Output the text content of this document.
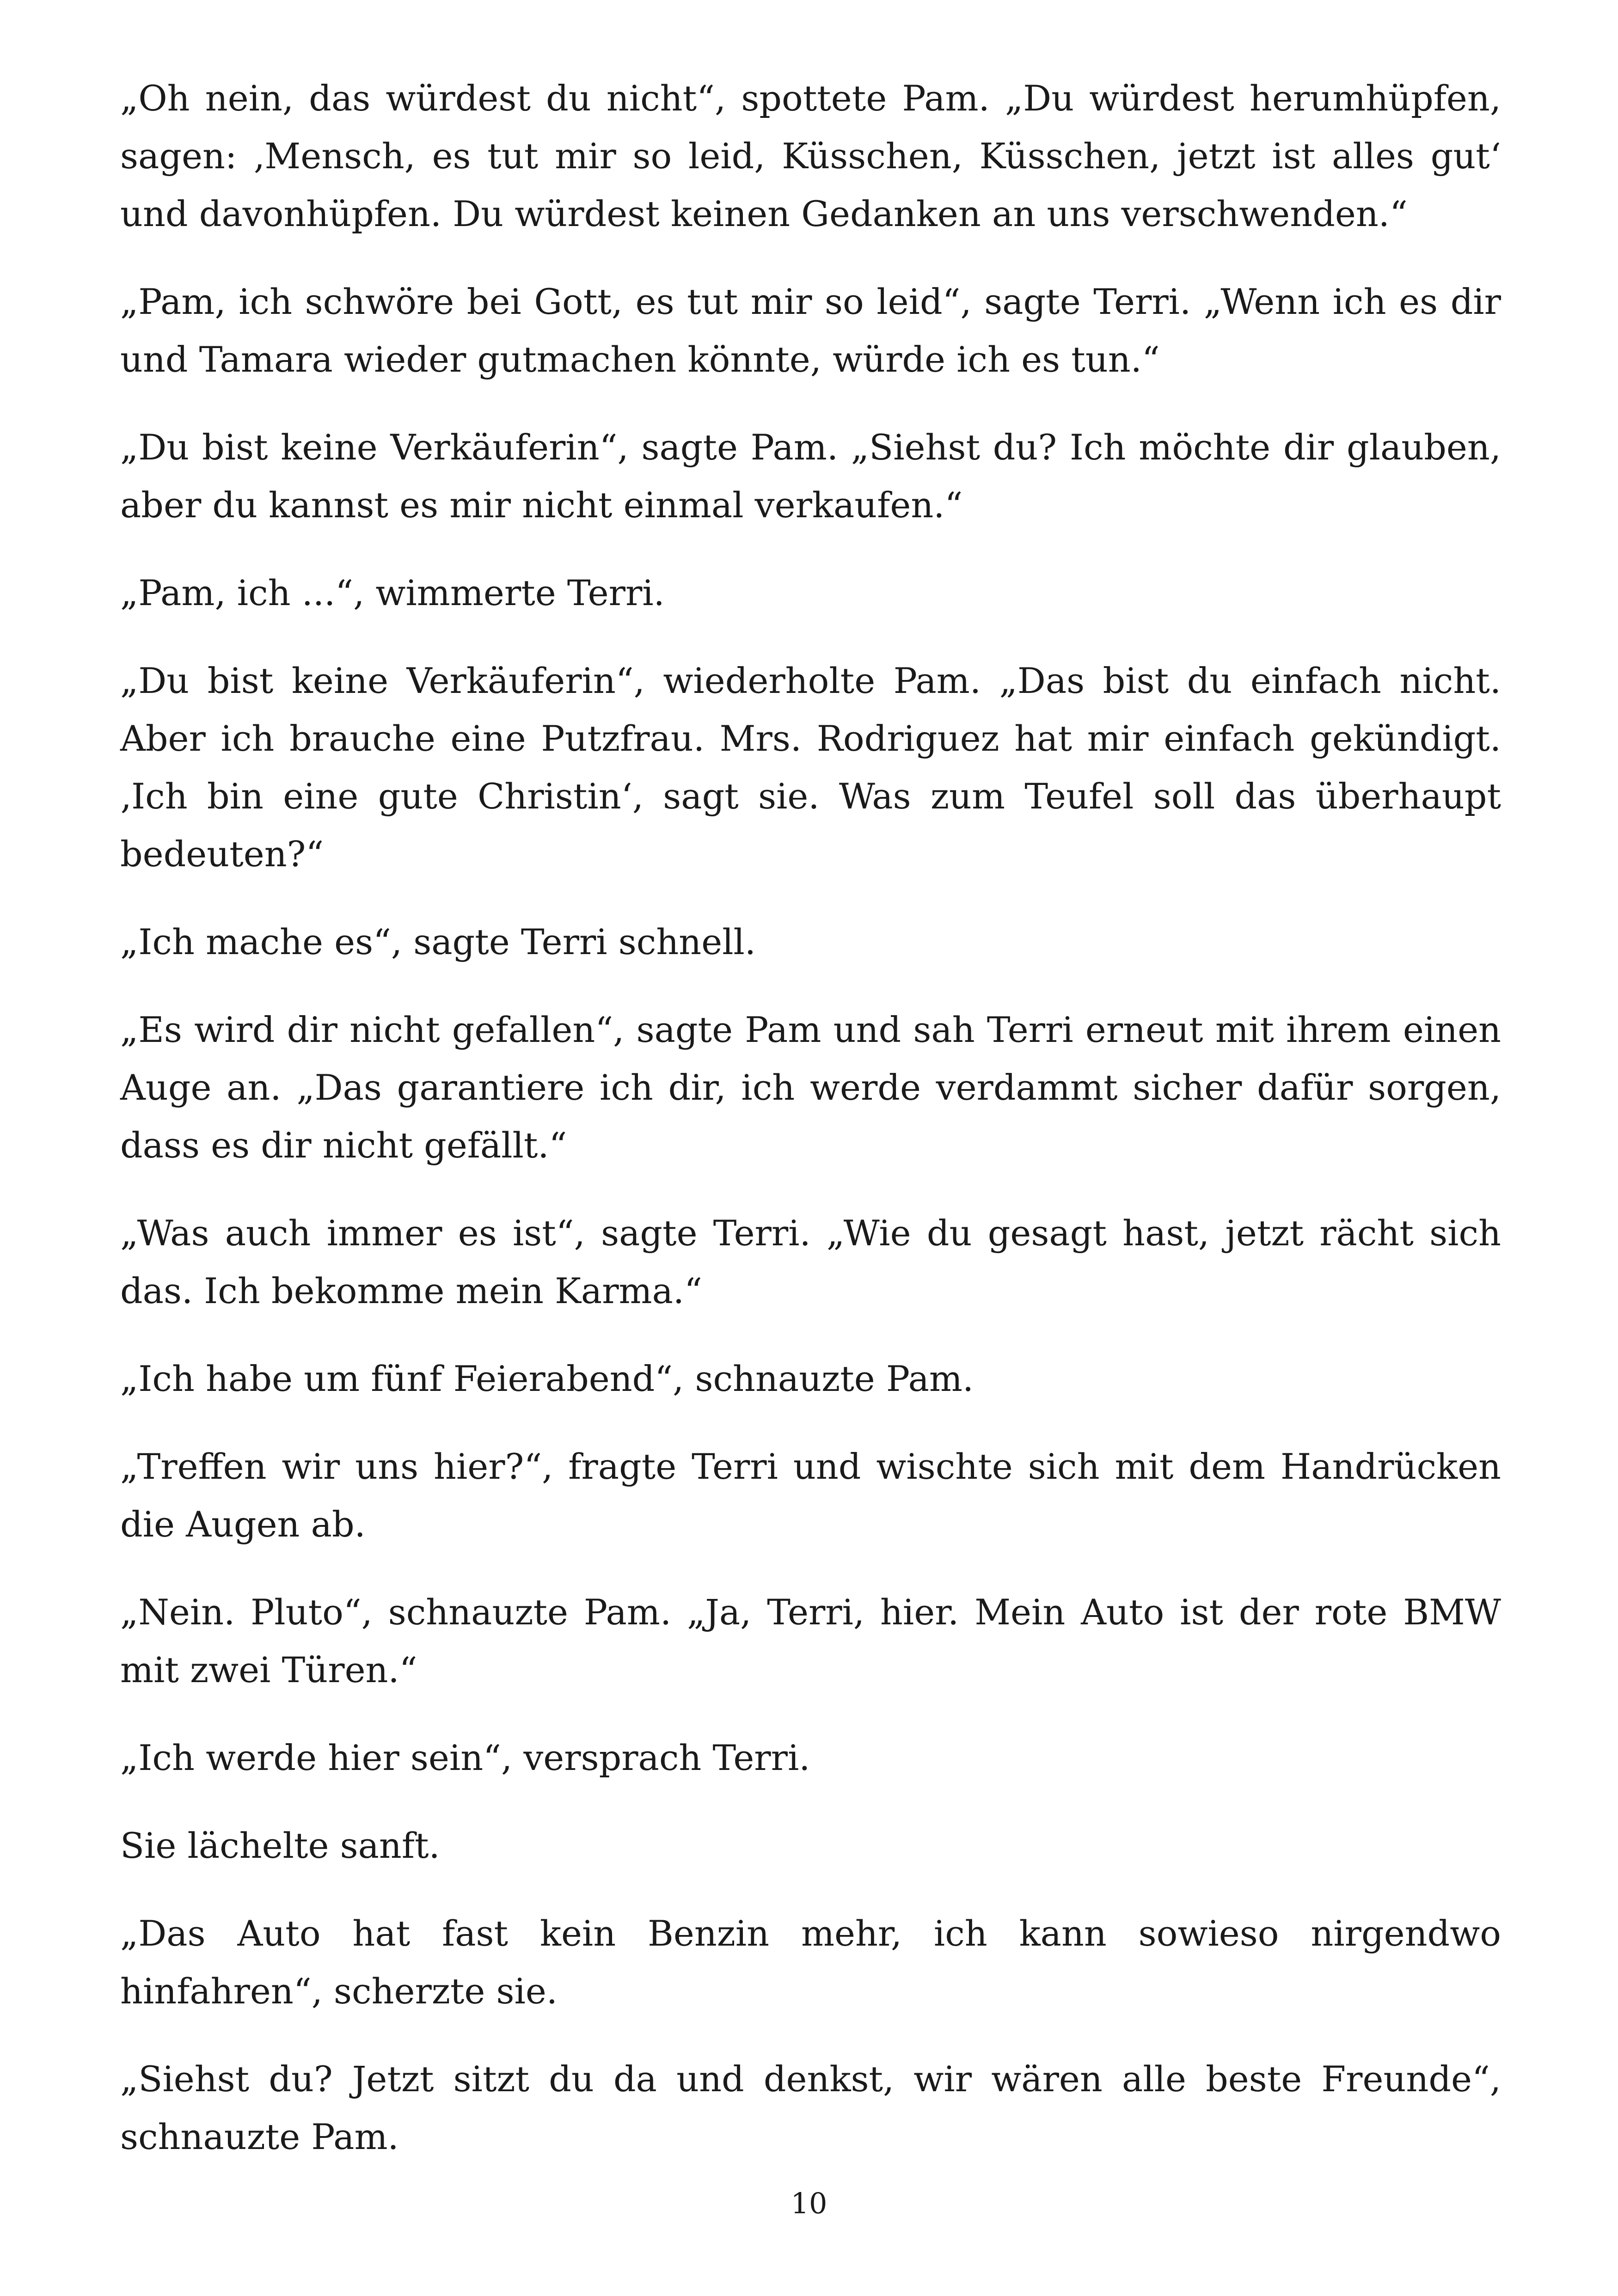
„Oh nein, das würdest du nicht“, spottete Pam. „Du würdest herumhüpfen, sagen: ‚Mensch, es tut mir so leid, Küsschen, Küsschen, jetzt ist alles gut‘ und davonhüpfen. Du würdest keinen Gedanken an uns verschwenden.“

„Pam, ich schwöre bei Gott, es tut mir so leid“, sagte Terri. „Wenn ich es dir und Tamara wieder gutmachen könnte, würde ich es tun.“

„Du bist keine Verkäuferin“, sagte Pam. „Siehst du? Ich möchte dir glauben, aber du kannst es mir nicht einmal verkaufen.“

„Pam, ich ...“, wimmerte Terri.

„Du bist keine Verkäuferin“, wiederholte Pam. „Das bist du einfach nicht. Aber ich brauche eine Putzfrau. Mrs. Rodriguez hat mir einfach gekündigt. ‚Ich bin eine gute Christin‘, sagt sie. Was zum Teufel soll das überhaupt bedeuten?“

„Ich mache es“, sagte Terri schnell.

„Es wird dir nicht gefallen“, sagte Pam und sah Terri erneut mit ihrem einen Auge an. „Das garantiere ich dir, ich werde verdammt sicher dafür sorgen, dass es dir nicht gefällt.“

„Was auch immer es ist“, sagte Terri. „Wie du gesagt hast, jetzt rächt sich das. Ich bekomme mein Karma.“

„Ich habe um fünf Feierabend“, schnauzte Pam.

„Treffen wir uns hier?“, fragte Terri und wischte sich mit dem Handrücken die Augen ab.

„Nein. Pluto“, schnauzte Pam. „Ja, Terri, hier. Mein Auto ist der rote BMW mit zwei Türen.“

„Ich werde hier sein“, versprach Terri.

Sie lächelte sanft.

„Das Auto hat fast kein Benzin mehr, ich kann sowieso nirgendwo hinfahren“, scherzte sie.

„Siehst du? Jetzt sitzt du da und denkst, wir wären alle beste Freunde“, schnauzte Pam.

10
